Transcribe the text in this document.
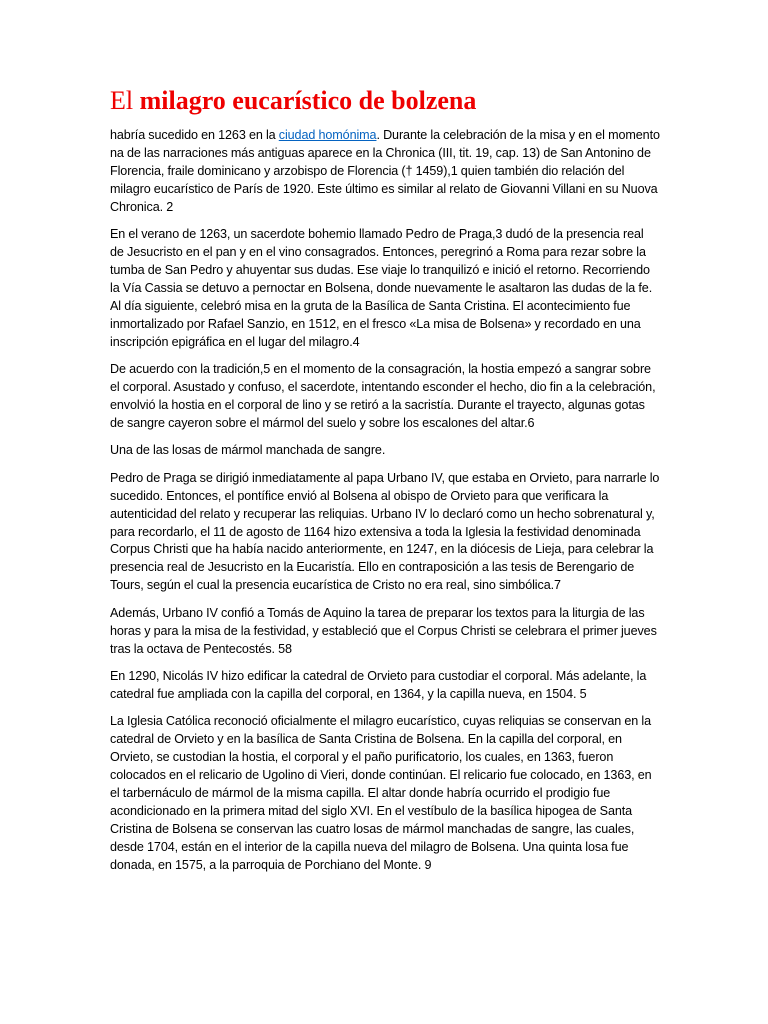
El milagro eucarístico de bolzena

habría sucedido en 1263 en la ciudad homónima. Durante la celebración de la misa y en el momento na de las narraciones más antiguas aparece en la Chronica (III, tit. 19, cap. 13) de San Antonino de Florencia, fraile dominicano y arzobispo de Florencia († 1459),1 quien también dio relación del milagro eucarístico de París de 1920. Este último es similar al relato de Giovanni Villani en su Nuova Chronica. 2

En el verano de 1263, un sacerdote bohemio llamado Pedro de Praga,3 dudó de la presencia real de Jesucristo en el pan y en el vino consagrados. Entonces, peregrinó a Roma para rezar sobre la tumba de San Pedro y ahuyentar sus dudas. Ese viaje lo tranquilizó e inició el retorno. Recorriendo la Vía Cassia se detuvo a pernoctar en Bolsena, donde nuevamente le asaltaron las dudas de la fe. Al día siguiente, celebró misa en la gruta de la Basílica de Santa Cristina. El acontecimiento fue inmortalizado por Rafael Sanzio, en 1512, en el fresco «La misa de Bolsena» y recordado en una inscripción epigráfica en el lugar del milagro.4

De acuerdo con la tradición,5 en el momento de la consagración, la hostia empezó a sangrar sobre el corporal. Asustado y confuso, el sacerdote, intentando esconder el hecho, dio fin a la celebración, envolvió la hostia en el corporal de lino y se retiró a la sacristía. Durante el trayecto, algunas gotas de sangre cayeron sobre el mármol del suelo y sobre los escalones del altar.6

Una de las losas de mármol manchada de sangre.

Pedro de Praga se dirigió inmediatamente al papa Urbano IV, que estaba en Orvieto, para narrarle lo sucedido. Entonces, el pontífice envió al Bolsena al obispo de Orvieto para que verificara la autenticidad del relato y recuperar las reliquias. Urbano IV lo declaró como un hecho sobrenatural y, para recordarlo, el 11 de agosto de 1164 hizo extensiva a toda la Iglesia la festividad denominada Corpus Christi que ha había nacido anteriormente, en 1247, en la diócesis de Lieja, para celebrar la presencia real de Jesucristo en la Eucaristía. Ello en contraposición a las tesis de Berengario de Tours, según el cual la presencia eucarística de Cristo no era real, sino simbólica.7

Además, Urbano IV confió a Tomás de Aquino la tarea de preparar los textos para la liturgia de las horas y para la misa de la festividad, y estableció que el Corpus Christi se celebrara el primer jueves tras la octava de Pentecostés. 58

En 1290, Nicolás IV hizo edificar la catedral de Orvieto para custodiar el corporal. Más adelante, la catedral fue ampliada con la capilla del corporal, en 1364, y la capilla nueva, en 1504. 5

La Iglesia Católica reconoció oficialmente el milagro eucarístico, cuyas reliquias se conservan en la catedral de Orvieto y en la basílica de Santa Cristina de Bolsena. En la capilla del corporal, en Orvieto, se custodian la hostia, el corporal y el paño purificatorio, los cuales, en 1363, fueron colocados en el relicario de Ugolino di Vieri, donde continúan. El relicario fue colocado, en 1363, en el tarbernáculo de mármol de la misma capilla. El altar donde habría ocurrido el prodigio fue acondicionado en la primera mitad del siglo XVI. En el vestíbulo de la basílica hipogea de Santa Cristina de Bolsena se conservan las cuatro losas de mármol manchadas de sangre, las cuales, desde 1704, están en el interior de la capilla nueva del milagro de Bolsena. Una quinta losa fue donada, en 1575, a la parroquia de Porchiano del Monte. 9
